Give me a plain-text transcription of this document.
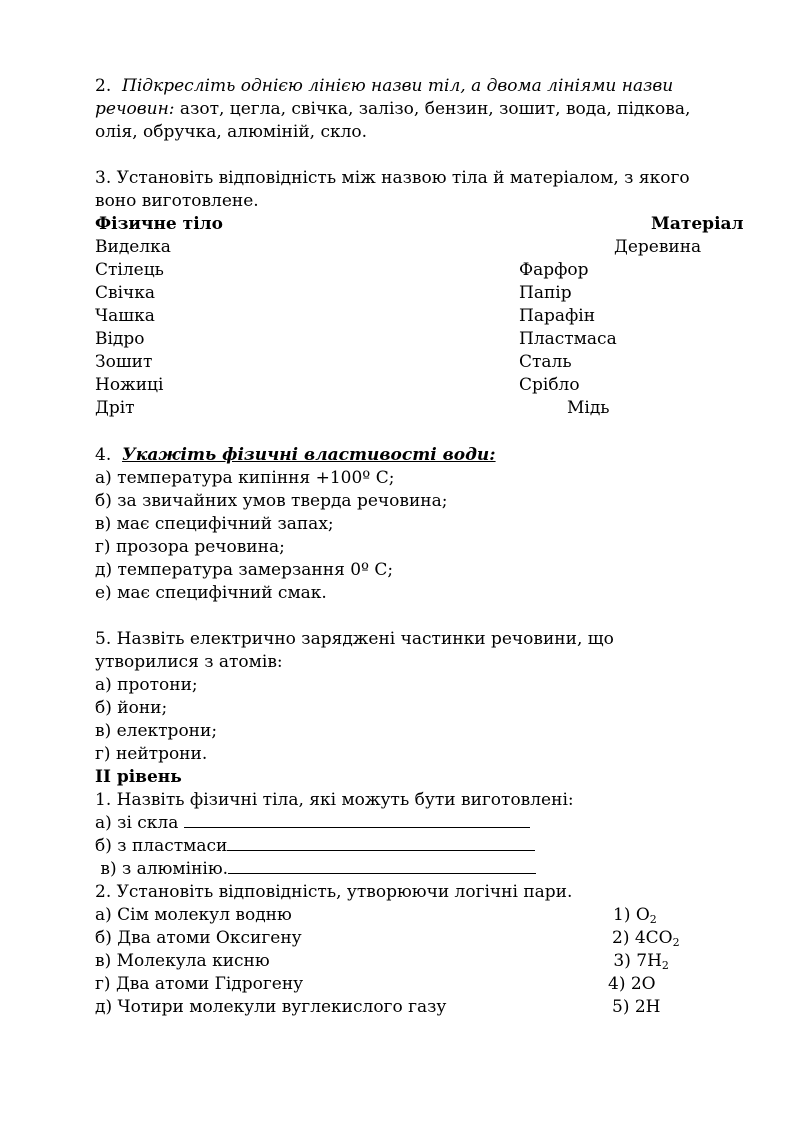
2. Підкресліть однією лінією назви тіл, а двома лініями назви
речовин: азот, цегла, свічка, залізо, бензин, зошит, вода, підкова,
олія, обручка, алюміній, скло.
3. Установіть відповідність між назвою тіла й матеріалом, з якого
воно виготовлене.
Фізичне тіло	Матеріал
Виделка
Стілець
Свічка
Чашка
Відро
Зошит
Ножиці
Дріт
Деревина
Фарфор
Папір
Парафін
Пластмаса
Сталь
Срібло
Мідь
4. Укажіть фізичні властивості води:
а) температура кипіння +100º С;
б) за звичайних умов тверда речовина;
в) має специфічний запах;
г) прозора речовина;
д) температура замерзання 0º С;
е) має специфічний смак.
5. Назвіть електрично заряджені частинки речовини, що
утворилися з атомів:
а) протони;
б) йони;
в) електрони;
г) нейтрони.
ІІ рівень
1. Назвіть фізичні тіла, які можуть бути виготовлені:
а) зі скла
б) з пластмаси
в) з алюмінію.
2. Установіть відповідність, утворюючи логічні пари.
а) Сім молекул водню
б) Два атоми Оксигену
в) Молекула кисню
г) Два атоми Гідрогену
д) Чотири молекули вуглекислого газу
1) $O_2$
2) $4CO_2$
3) $7H_2$
4) 2O
5) 2H
